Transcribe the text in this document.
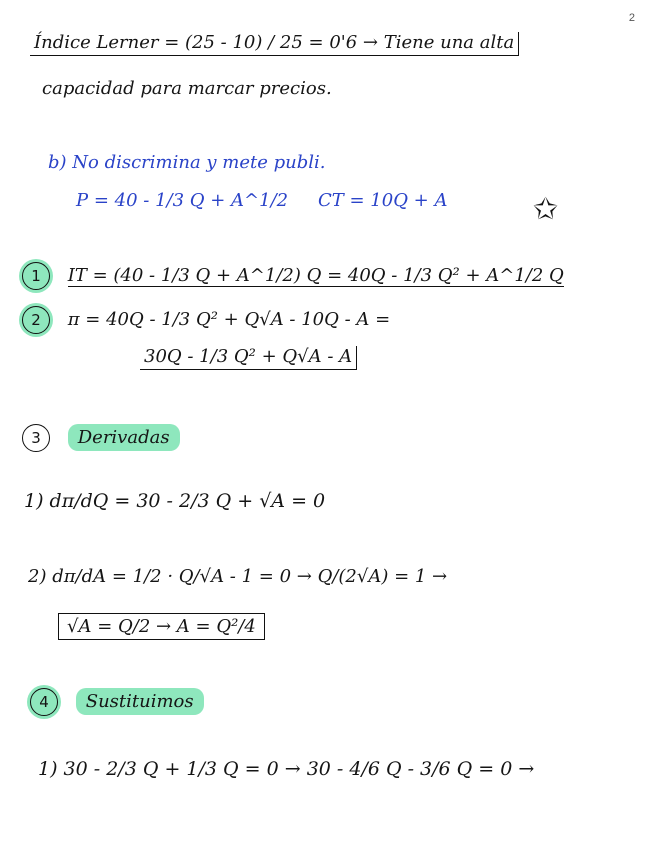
2
Índice Lerner = (25 - 10) / 25 = 0'6 → Tiene una alta
capacidad para marcar precios.
b) No discrimina y mete publi.
P = 40 - 1/3 Q + A^1/2 CT = 10Q + A	✩
1 IT = (40 - 1/3 Q + A^1/2) Q = 40Q - 1/3 Q² + A^1/2 Q
2 π = 40Q - 1/3 Q² + Q√A - 10Q - A =
30Q - 1/3 Q² + Q√A - A
3 Derivadas
1) dπ/dQ = 30 - 2/3 Q + √A = 0
2) dπ/dA = 1/2 · Q/√A - 1 = 0 → Q/(2√A) = 1 →
√A = Q/2 → A = Q²/4
4 Sustituimos
1) 30 - 2/3 Q + 1/3 Q = 0 → 30 - 4/6 Q - 3/6 Q = 0 →
